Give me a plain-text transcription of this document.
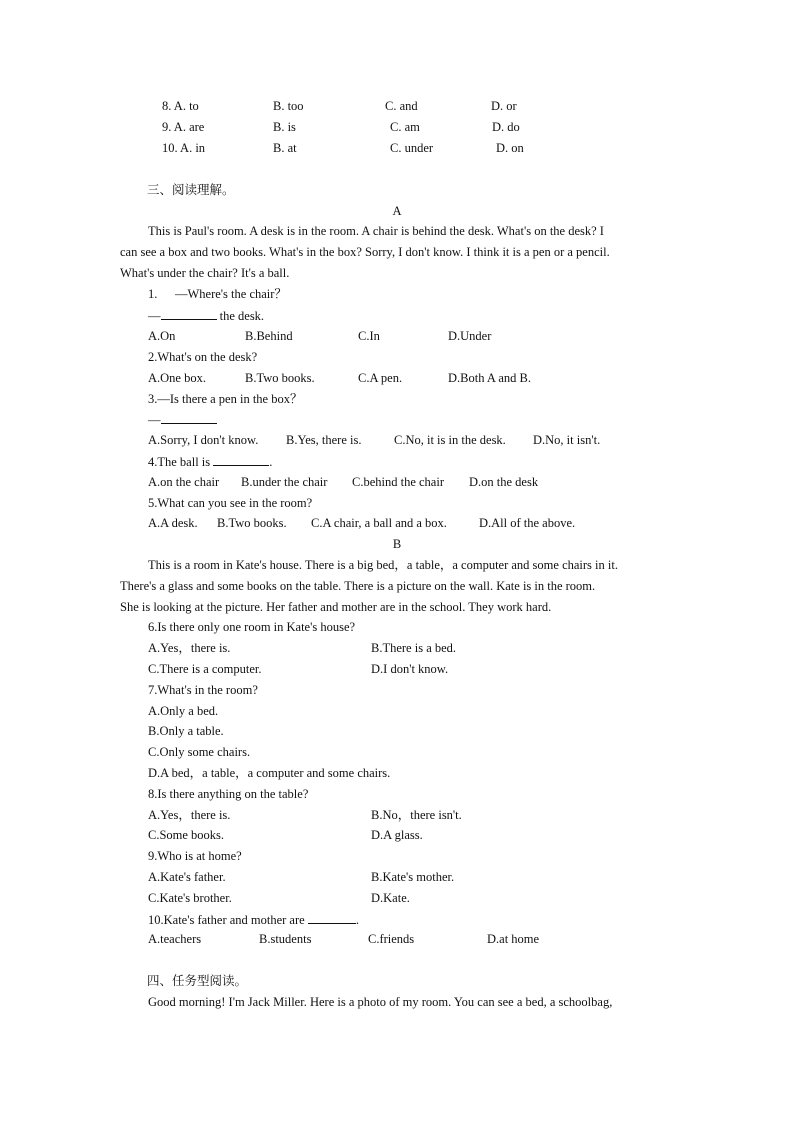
8. A. to	B. too	C. and	D. or
9. A. are	B. is	C. am	D. do
10. A. in	B. at	C. under	D. on
三、阅读理解。
A
This is Paul's room. A desk is in the room. A chair is behind the desk. What's on the desk? I
can see a box and two books. What's in the box? Sorry, I don't know. I think it is a pen or a pencil.
What's under the chair? It's a ball.
1. —Where's the chair？
—	the desk.
A.On	B.Behind	C.In	D.Under
2.What's on the desk?
A.One box.	B.Two books.	C.A pen.	D.Both A and B.
3.—Is there a pen in the box？
—
A.Sorry, I don't know. B.Yes, there is.	C.No, it is in the desk. D.No, it isn't.
4.The ball is	.
A.on the chair B.under the chair C.behind the chair D.on the desk
5.What can you see in the room?
A.A desk. B.Two books. C.A chair, a ball and a box.	D.All of the above.
B
This is a room in Kate's house. There is a big bed，a table，a computer and some chairs in it.
There's a glass and some books on the table. There is a picture on the wall. Kate is in the room.
She is looking at the picture. Her father and mother are in the school. They work hard.
6.Is there only one room in Kate's house?
A.Yes，there is.	B.There is a bed.
C.There is a computer.	D.I don't know.
7.What's in the room?
A.Only a bed.
B.Only a table.
C.Only some chairs.
D.A bed，a table，a computer and some chairs.
8.Is there anything on the table?
A.Yes，there is.	B.No，there isn't.
C.Some books.	D.A glass.
9.Who is at home?
A.Kate's father.	B.Kate's mother.
C.Kate's brother.	D.Kate.
10.Kate's father and mother are	.
A.teachers	B.students	C.friends	D.at home
四、任务型阅读。
Good morning! I'm Jack Miller. Here is a photo of my room. You can see a bed, a schoolbag,
